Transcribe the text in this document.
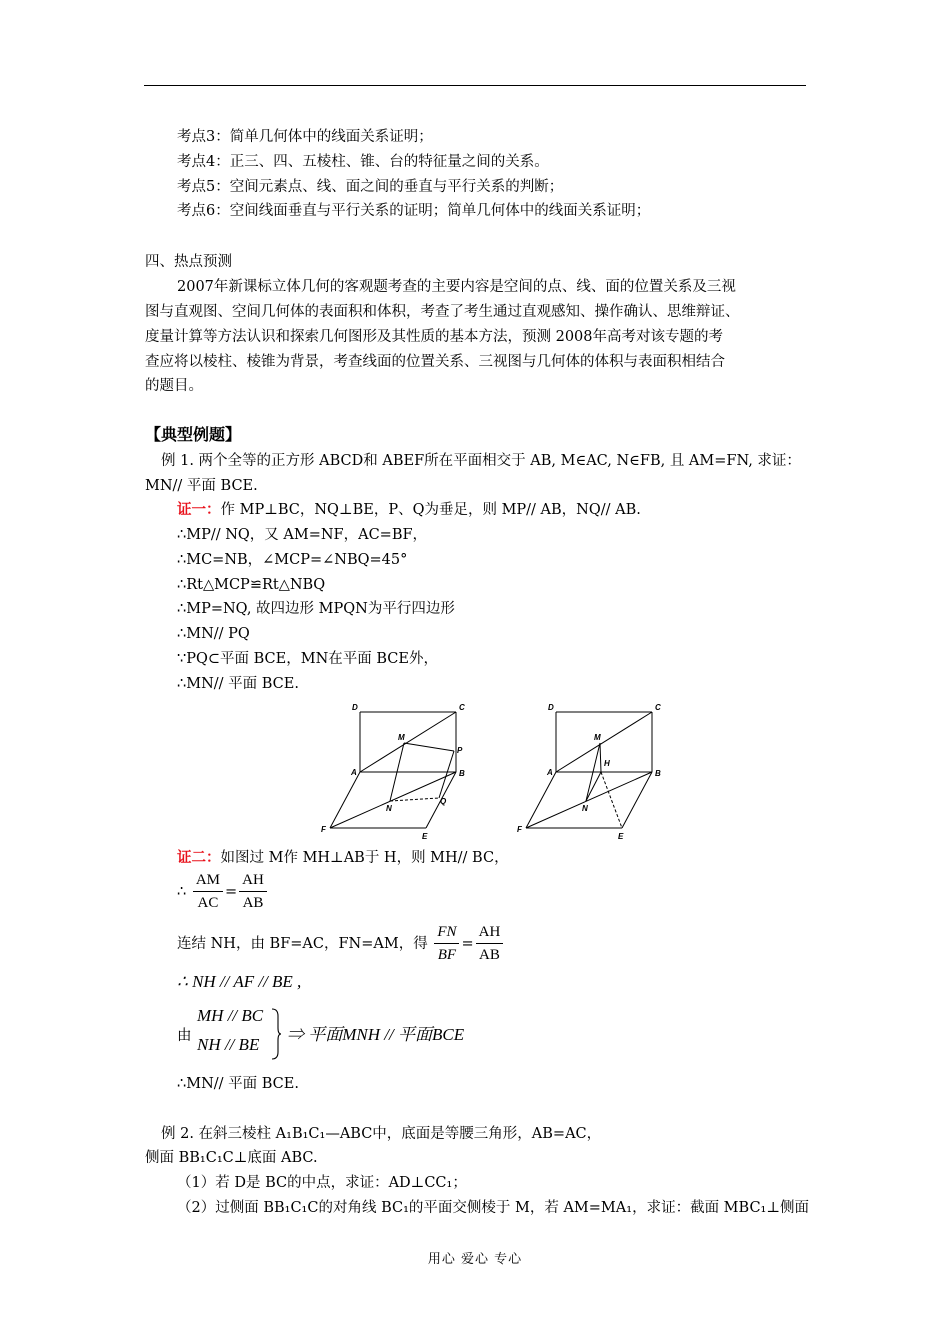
考点3：简单几何体中的线面关系证明；
考点4：正三、四、五棱柱、锥、台的特征量之间的关系。
考点5：空间元素点、线、面之间的垂直与平行关系的判断；
考点6：空间线面垂直与平行关系的证明；简单几何体中的线面关系证明；
四、热点预测
2007年新课标立体几何的客观题考查的主要内容是空间的点、线、面的位置关系及三视
图与直观图、空间几何体的表面积和体积，考查了考生通过直观感知、操作确认、思维辩证、
度量计算等方法认识和探索几何图形及其性质的基本方法，预测 2008年高考对该专题的考
查应将以棱柱、棱锥为背景，考查线面的位置关系、三视图与几何体的体积与表面积相结合
的题目。
【典型例题】
例 1. 两个全等的正方形 ABCD和 ABEF所在平面相交于 AB, M∈AC, N∈FB, 且 AM=FN, 求证：
MN// 平面 BCE.
证一：作 MP⊥BC，NQ⊥BE，P、Q为垂足，则 MP// AB，NQ// AB.
∴MP// NQ，又 AM=NF，AC=BF，
∴MC=NB，∠MCP=∠NBQ=45°
∴Rt△MCP≌Rt△NBQ
∴MP=NQ, 故四边形 MPQN为平行四边形
∴MN// PQ
∵PQ⊂平面 BCE，MN在平面 BCE外，
∴MN// 平面 BCE.
D	C
M
P
A	B
N
Q
F
E
D	C
M
H
A	B
N
F
E
证二：如图过 M作 MH⊥AB于 H，则 MH// BC，
∴ $\frac{AM}{AC} = \frac{AH}{AB}$
连结 NH，由 BF=AC，FN=AM，得 $\frac{FN}{BF} = \frac{AH}{AB}$
∴ NH // AF // BE ,
由
MH // BC
NH // BE
⇒ 平面MNH // 平面BCE
∴MN// 平面 BCE.
例 2. 在斜三棱柱 A₁B₁C₁—ABC中，底面是等腰三角形，AB=AC，
侧面 BB₁C₁C⊥底面 ABC.
（1）若 D是 BC的中点，求证：AD⊥CC₁；
（2）过侧面 BB₁C₁C的对角线 BC₁的平面交侧棱于 M，若 AM=MA₁，求证：截面 MBC₁⊥侧面
用心 爱心 专心
